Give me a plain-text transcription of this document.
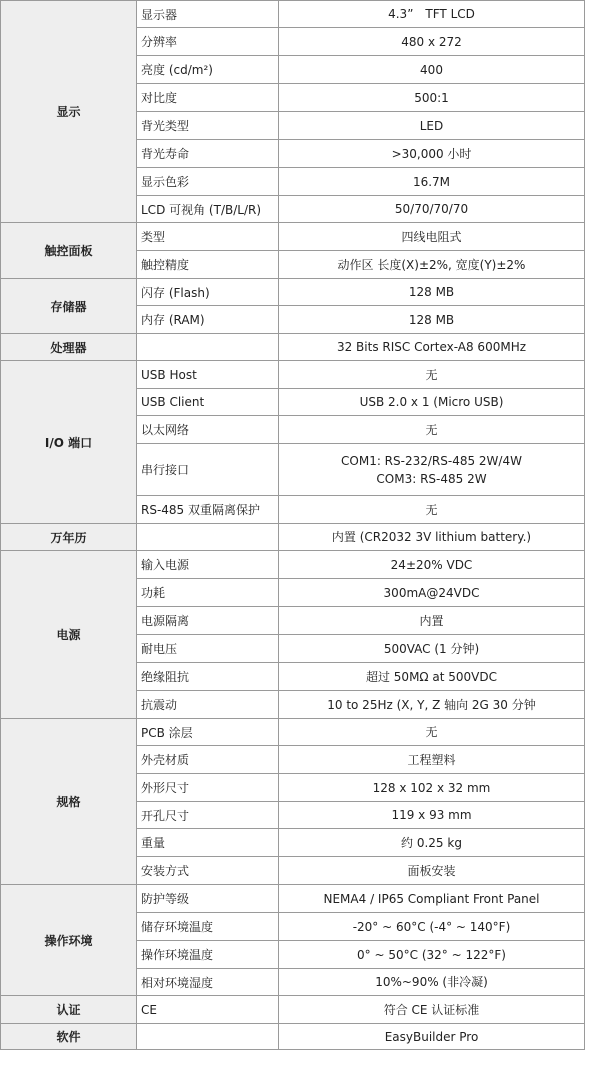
显示	显示器	4.3”　TFT LCD
	分辨率	480 x 272
	亮度 (cd/m²)	400
	对比度	500:1
	背光类型	LED
	背光寿命	>30,000 小时
	显示色彩	16.7M
	LCD 可视角 (T/B/L/R)	50/70/70/70
触控面板	类型	四线电阻式
	触控精度	动作区 长度(X)±2%, 宽度(Y)±2%
存储器	闪存 (Flash)	128 MB
	内存 (RAM)	128 MB
处理器		32 Bits RISC Cortex-A8 600MHz
I/O 端口	USB Host	无
	USB Client	USB 2.0 x 1 (Micro USB)
	以太网络	无
	串行接口	COM1: RS-232/RS-485 2W/4W
COM3: RS-485 2W

	RS-485 双重隔离保护	无
万年历		内置 (CR2032 3V lithium battery.)
电源	输入电源	24±20% VDC
	功耗	300mA@24VDC
	电源隔离	内置
	耐电压	500VAC (1 分钟)
	绝缘阻抗	超过 50MΩ at 500VDC
	抗震动	10 to 25Hz (X, Y, Z 轴向 2G 30 分钟
规格	PCB 涂层	无
	外壳材质	工程塑料
	外形尺寸	128 x 102 x 32 mm
	开孔尺寸	119 x 93 mm
	重量	约 0.25 kg
	安装方式	面板安装
操作环境	防护等级	NEMA4 / IP65 Compliant Front Panel
	储存环境温度	-20° ~ 60°C (-4° ~ 140°F)
	操作环境温度	0° ~ 50°C (32° ~ 122°F)
	相对环境湿度	10%~90% (非冷凝)
认证	CE	符合 CE 认证标准
软件		EasyBuilder Pro
